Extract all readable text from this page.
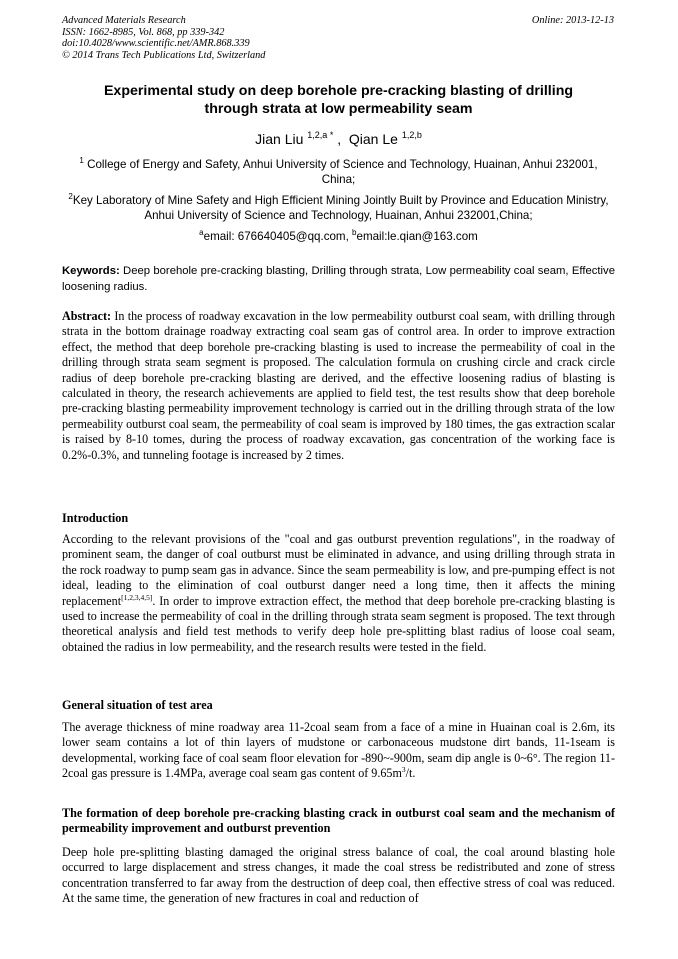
Advanced Materials Research
ISSN: 1662-8985, Vol. 868, pp 339-342
doi:10.4028/www.scientific.net/AMR.868.339
© 2014 Trans Tech Publications Ltd, Switzerland
Online: 2013-12-13
Experimental study on deep borehole pre-cracking blasting of drilling
through strata at low permeability seam
Jian Liu $^{1,2,a *}$ ,  Qian Le $^{1,2,b}$
$^1$ College of Energy and Safety, Anhui University of Science and Technology, Huainan, Anhui 232001, China;
$^2$Key Laboratory of Mine Safety and High Efficient Mining Jointly Built by Province and Education Ministry, Anhui University of Science and Technology, Huainan, Anhui 232001,China;
$^a$email: 676640405@qq.com, $^b$email:le.qian@163.com
Keywords: Deep borehole pre-cracking blasting, Drilling through strata, Low permeability coal seam, Effective loosening radius.
Abstract: In the process of roadway excavation in the low permeability outburst coal seam, with drilling through strata in the bottom drainage roadway extracting coal seam gas of control area. In order to improve extraction effect, the method that deep borehole pre-cracking blasting is used to increase the permeability of coal in the drilling through strata seam segment is proposed. The calculation formula on crushing circle and crack circle radius of deep borehole pre-cracking blasting are derived, and the effective loosening radius of blasting is calculated in theory, the research achievements are applied to field test, the test results show that deep borehole pre-cracking blasting permeability improvement technology is carried out in the drilling through strata of the low permeability outburst coal seam, the permeability of coal seam is improved by 180 times, the gas extraction scalar is raised by 8-10 tomes, during the process of roadway excavation, gas concentration of the working face is 0.2%-0.3%, and tunneling footage is increased by 2 times.
Introduction
According to the relevant provisions of the "coal and gas outburst prevention regulations", in the roadway of prominent seam, the danger of coal outburst must be eliminated in advance, and using drilling through strata in the rock roadway to pump seam gas in advance. Since the seam permeability is low, and pre-pumping effect is not ideal, leading to the elimination of coal outburst danger need a long time, then it affects the mining replacement[1,2,3,4,5]. In order to improve extraction effect, the method that deep borehole pre-cracking blasting is used to increase the permeability of coal in the drilling through strata seam segment is proposed. The text through theoretical analysis and field test methods to verify deep hole pre-splitting blast radius of loose coal seam, obtained the radius in low permeability, and the research results were tested in the field.
General situation of test area
The average thickness of mine roadway area 11-2coal seam from a face of a mine in Huainan coal is 2.6m, its lower seam contains a lot of thin layers of mudstone or carbonaceous mudstone dirt bands, 11-1seam is developmental, working face of coal seam floor elevation for -890~-900m, seam dip angle is 0~6°. The region 11-2coal gas pressure is 1.4MPa, average coal seam gas content of $9.65m^3/t$.
The formation of deep borehole pre-cracking blasting crack in outburst coal seam and the mechanism of permeability improvement and outburst prevention
Deep hole pre-splitting blasting damaged the original stress balance of coal, the coal around blasting hole occurred to large displacement and stress changes, it made the coal stress be redistributed and zone of stress concentration transferred to far away from the destruction of deep coal, then effective stress of coal was reduced. At the same time, the generation of new fractures in coal and reduction of
